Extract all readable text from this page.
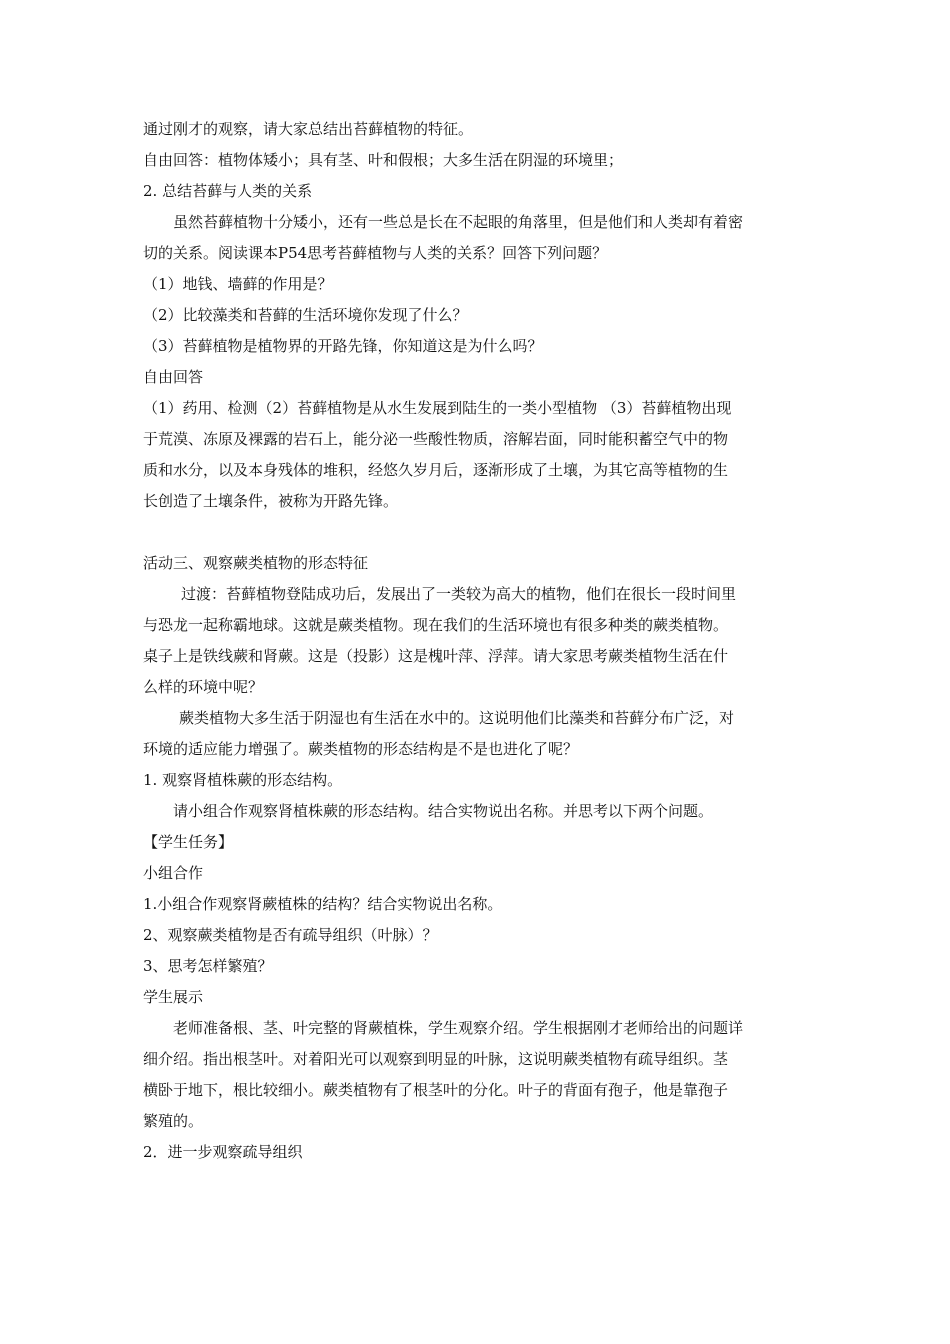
通过刚才的观察，请大家总结出苔藓植物的特征。
自由回答：植物体矮小；具有茎、叶和假根；大多生活在阴湿的环境里；
2. 总结苔藓与人类的关系
虽然苔藓植物十分矮小，还有一些总是长在不起眼的角落里，但是他们和人类却有着密
切的关系。阅读课本P54思考苔藓植物与人类的关系？回答下列问题？
（1）地钱、墙藓的作用是？
（2）比较藻类和苔藓的生活环境你发现了什么？
（3）苔藓植物是植物界的开路先锋，你知道这是为什么吗？
自由回答
（1）药用、检测（2）苔藓植物是从水生发展到陆生的一类小型植物 （3）苔藓植物出现
于荒漠、冻原及裸露的岩石上，能分泌一些酸性物质，溶解岩面，同时能积蓄空气中的物
质和水分，以及本身残体的堆积，经悠久岁月后，逐渐形成了土壤，为其它高等植物的生
长创造了土壤条件，被称为开路先锋。
活动三、观察蕨类植物的形态特征
过渡：苔藓植物登陆成功后，发展出了一类较为高大的植物，他们在很长一段时间里
与恐龙一起称霸地球。这就是蕨类植物。现在我们的生活环境也有很多种类的蕨类植物。
桌子上是铁线蕨和肾蕨。这是（投影）这是槐叶萍、浮萍。请大家思考蕨类植物生活在什
么样的环境中呢？
蕨类植物大多生活于阴湿也有生活在水中的。这说明他们比藻类和苔藓分布广泛，对
环境的适应能力增强了。蕨类植物的形态结构是不是也进化了呢？
1. 观察肾植株蕨的形态结构。
请小组合作观察肾植株蕨的形态结构。结合实物说出名称。并思考以下两个问题。
【学生任务】
小组合作
1.小组合作观察肾蕨植株的结构？结合实物说出名称。
2、观察蕨类植物是否有疏导组织（叶脉）？
3、思考怎样繁殖？
学生展示
老师准备根、茎、叶完整的肾蕨植株，学生观察介绍。学生根据刚才老师给出的问题详
细介绍。指出根茎叶。对着阳光可以观察到明显的叶脉，这说明蕨类植物有疏导组织。茎
横卧于地下，根比较细小。蕨类植物有了根茎叶的分化。叶子的背面有孢子，他是靠孢子
繁殖的。
2．进一步观察疏导组织
